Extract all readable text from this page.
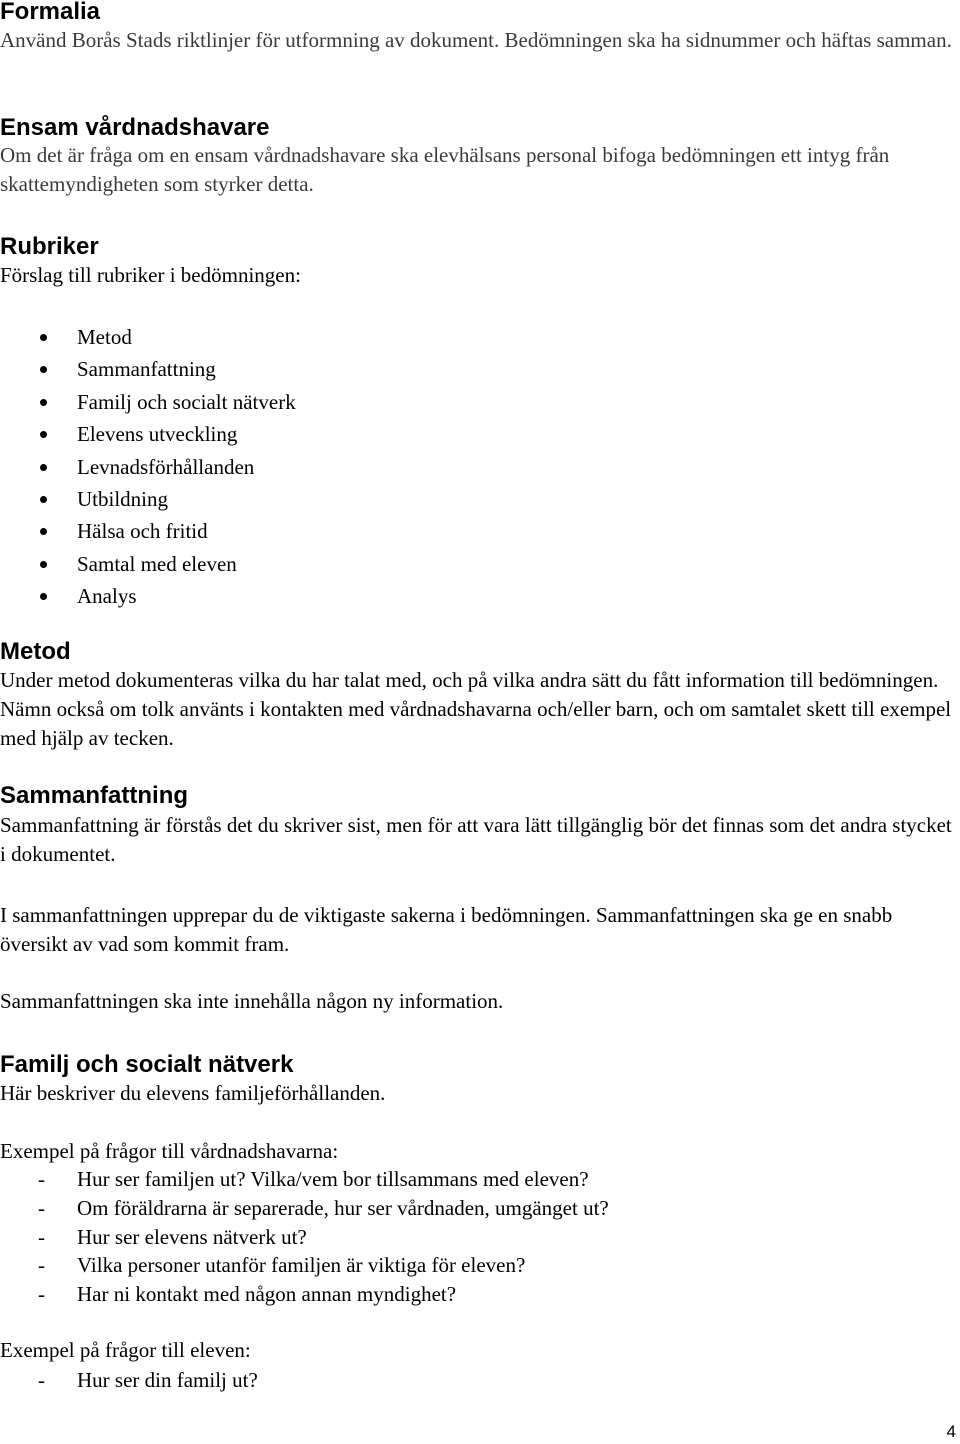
Formalia

Använd Borås Stads riktlinjer för utformning av dokument. Bedömningen ska ha sidnummer och häftas samman.

Ensam vårdnadshavare

Om det är fråga om en ensam vårdnadshavare ska elevhälsans personal bifoga bedömningen ett intyg från skattemyndigheten som styrker detta.

Rubriker

Förslag till rubriker i bedömningen:

Metod
Sammanfattning
Familj och socialt nätverk
Elevens utveckling
Levnadsförhållanden
Utbildning
Hälsa och fritid
Samtal med eleven
Analys
Metod

Under metod dokumenteras vilka du har talat med, och på vilka andra sätt du fått information till bedömningen. Nämn också om tolk använts i kontakten med vårdnadshavarna och/eller barn, och om samtalet skett till exempel med hjälp av tecken.

Sammanfattning

Sammanfattning är förstås det du skriver sist, men för att vara lätt tillgänglig bör det finnas som det andra stycket i dokumentet.

I sammanfattningen upprepar du de viktigaste sakerna i bedömningen. Sammanfattningen ska ge en snabb översikt av vad som kommit fram.

Sammanfattningen ska inte innehålla någon ny information.

Familj och socialt nätverk

Här beskriver du elevens familjeförhållanden.

Exempel på frågor till vårdnadshavarna:

- Hur ser familjen ut? Vilka/vem bor tillsammans med eleven?
- Om föräldrarna är separerade, hur ser vårdnaden, umgänget ut?
- Hur ser elevens nätverk ut?
- Vilka personer utanför familjen är viktiga för eleven?
- Har ni kontakt med någon annan myndighet?

Exempel på frågor till eleven:

- Hur ser din familj ut?
4
